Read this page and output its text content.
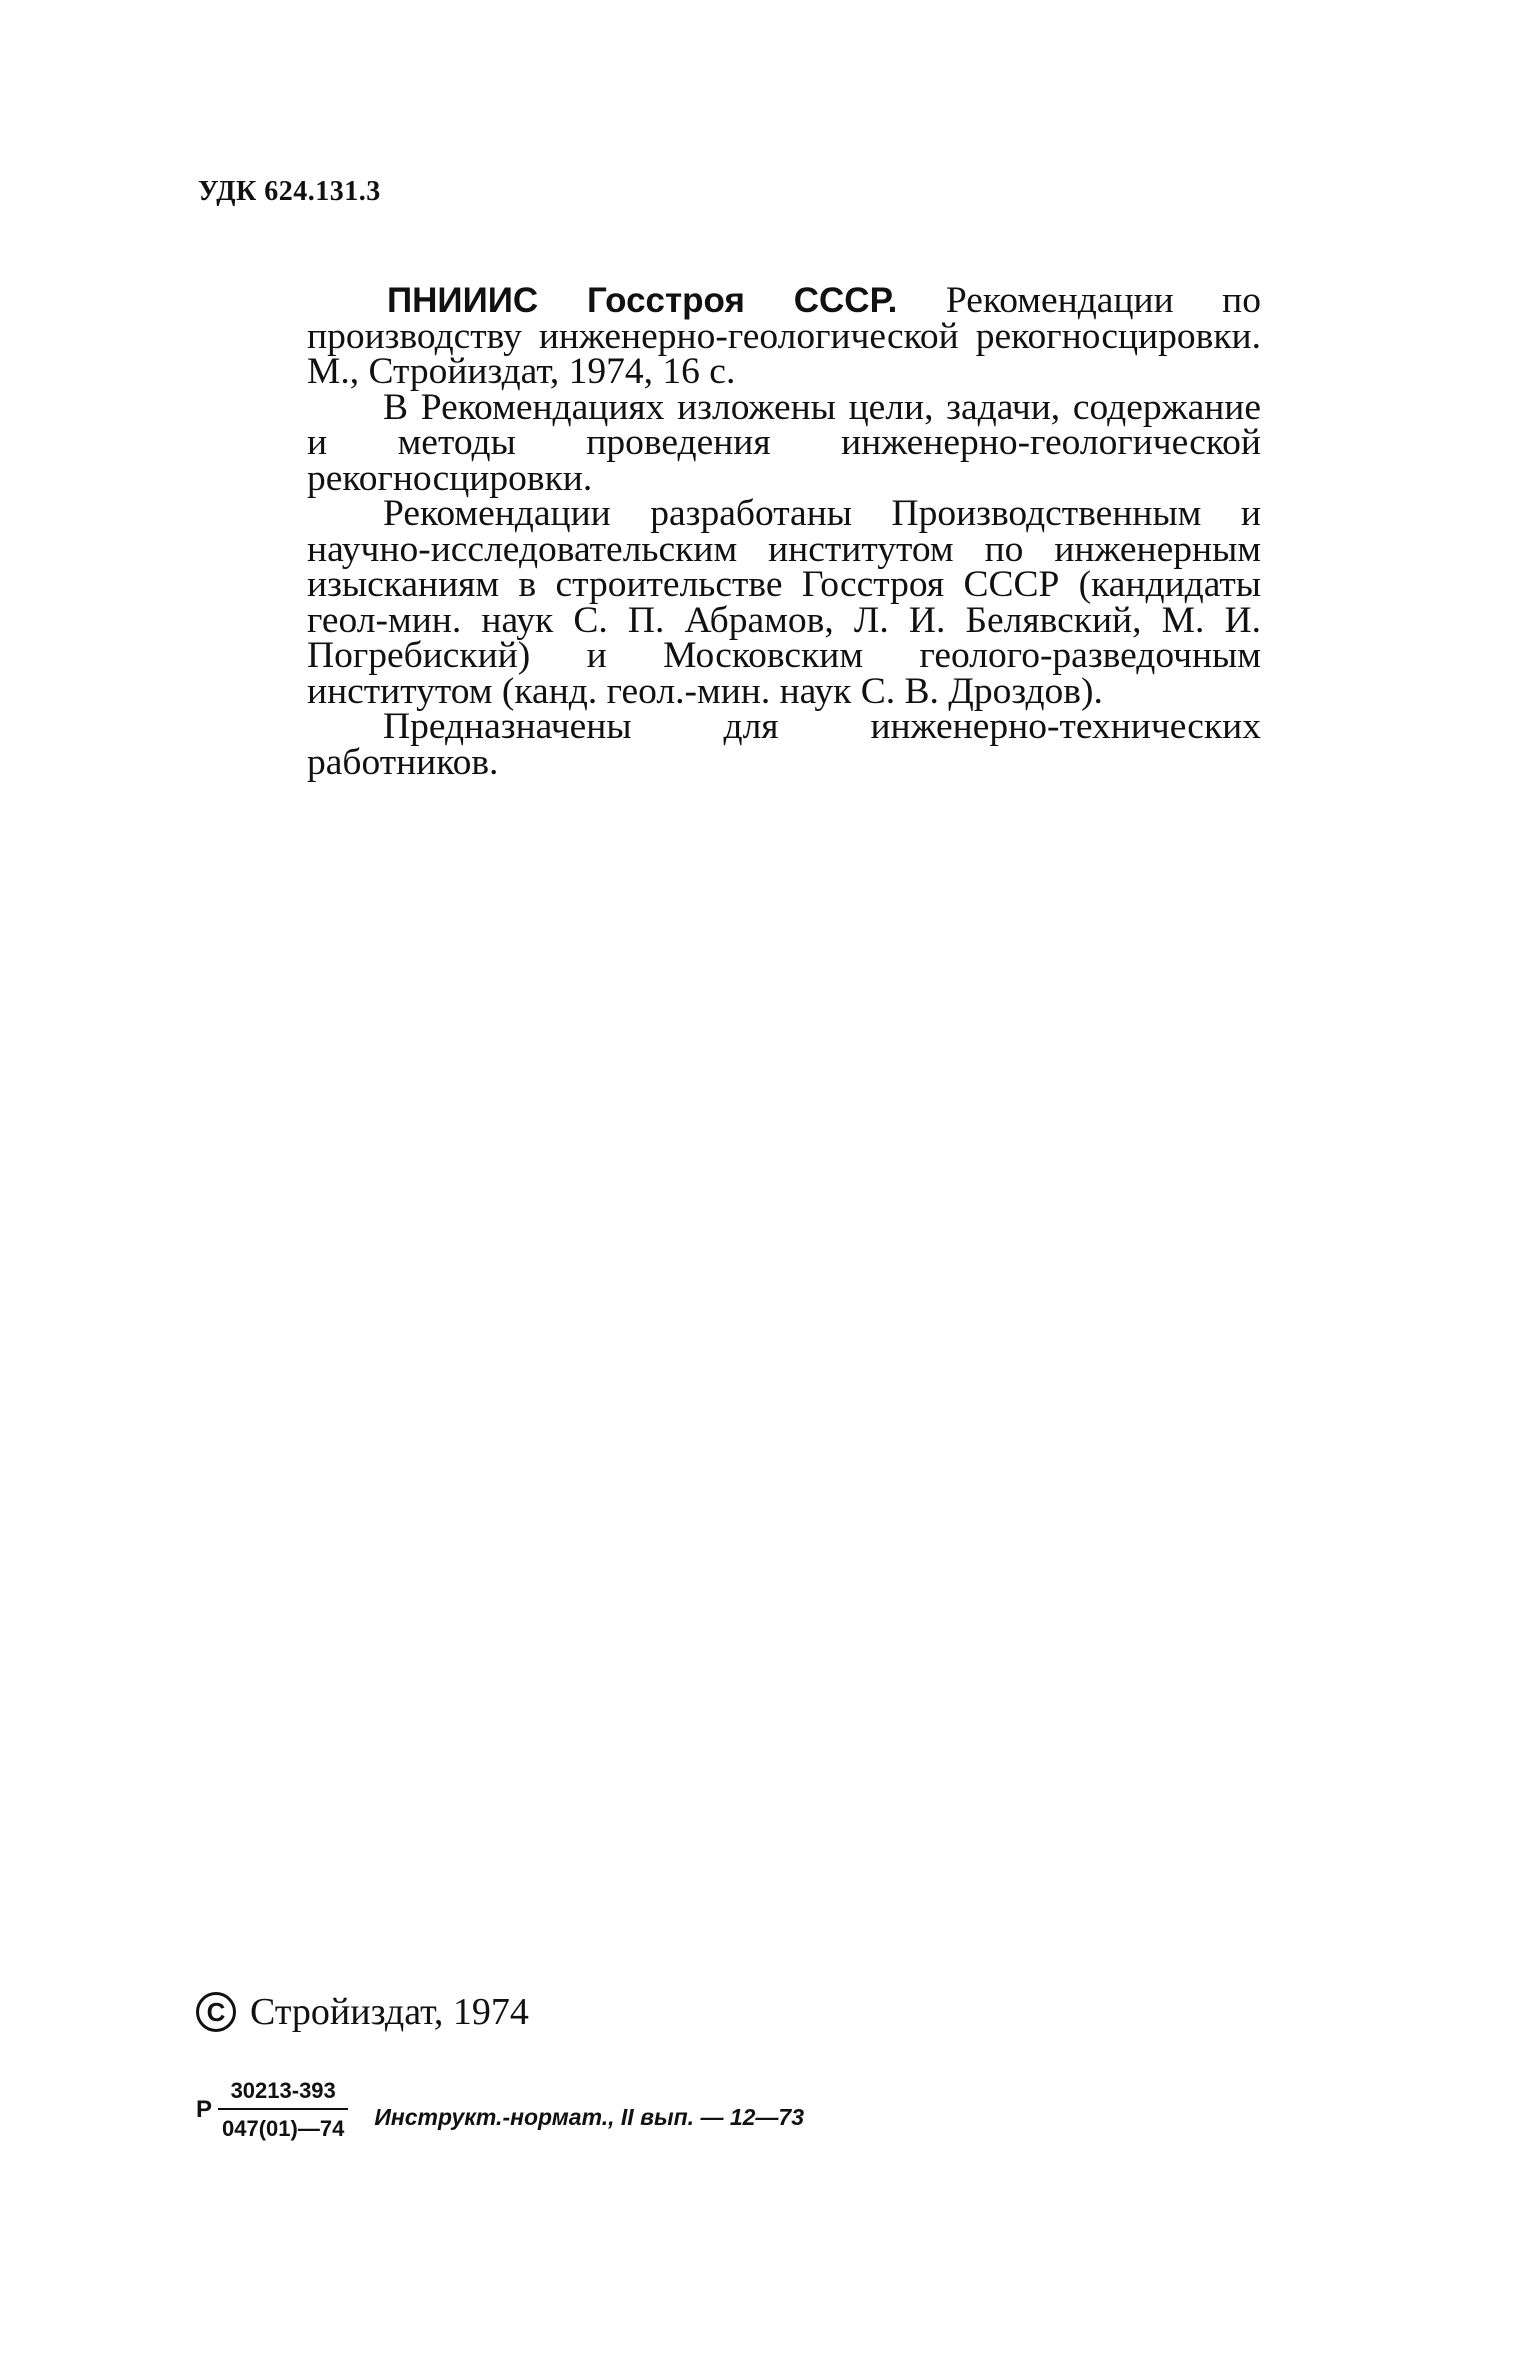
УДК 624.131.3

ПНИИИС Госстроя СССР. Рекомендации по производству инженерно-геологической рекогносцировки. М., Стройиздат, 1974, 16 с.

В Рекомендациях изложены цели, задачи, содержание и методы проведения инженерно-геологической рекогносцировки.

Рекомендации разработаны Производственным и научно-исследовательским институтом по инженерным изысканиям в строительстве Госстроя СССР (кандидаты геол-мин. наук С. П. Абрамов, Л. И. Белявский, М. И. Погребиский) и Московским геолого-разведочным институтом (канд. геол.-мин. наук С. В. Дроздов).

Предназначены для инженерно-технических работников.

C Стройиздат, 1974
Р $\frac{30213-393}{047(01)—74}$ Инструкт.-нормат., II вып. — 12—73
